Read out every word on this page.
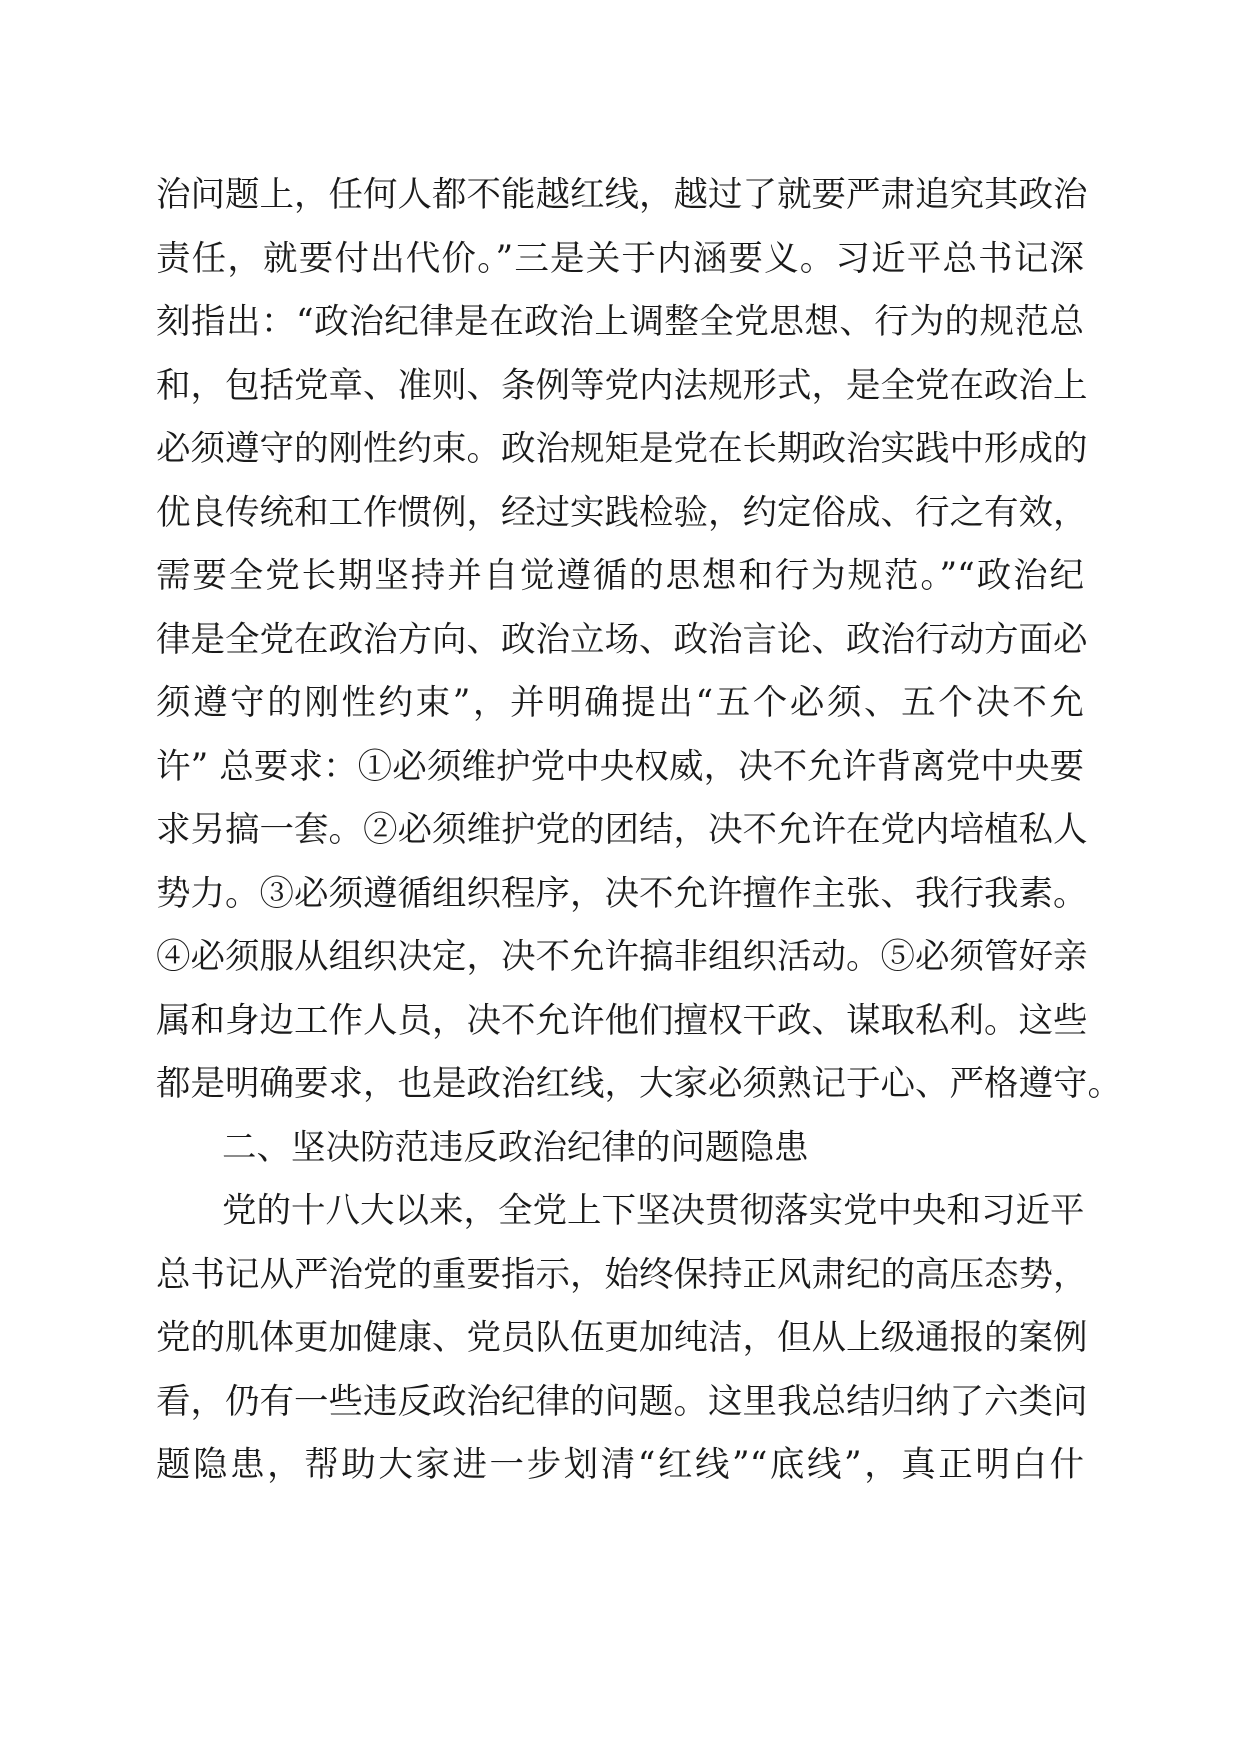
治问题上，任何人都不能越红线，越过了就要严肃追究其政治
责任，就要付出代价。”三是关于内涵要义。习近平总书记深
刻指出：“政治纪律是在政治上调整全党思想、行为的规范总
和，包括党章、准则、条例等党内法规形式，是全党在政治上
必须遵守的刚性约束。政治规矩是党在长期政治实践中形成的
优良传统和工作惯例，经过实践检验，约定俗成、行之有效，
需要全党长期坚持并自觉遵循的思想和行为规范。”“政治纪
律是全党在政治方向、政治立场、政治言论、政治行动方面必
须遵守的刚性约束”，并明确提出“五个必须、五个决不允
许” 总要求：①必须维护党中央权威，决不允许背离党中央要
求另搞一套。②必须维护党的团结，决不允许在党内培植私人
势力。③必须遵循组织程序，决不允许擅作主张、我行我素。
④必须服从组织决定，决不允许搞非组织活动。⑤必须管好亲
属和身边工作人员，决不允许他们擅权干政、谋取私利。这些
都是明确要求，也是政治红线，大家必须熟记于心、严格遵守。
二、坚决防范违反政治纪律的问题隐患
党的十八大以来，全党上下坚决贯彻落实党中央和习近平
总书记从严治党的重要指示，始终保持正风肃纪的高压态势，
党的肌体更加健康、党员队伍更加纯洁，但从上级通报的案例
看，仍有一些违反政治纪律的问题。这里我总结归纳了六类问
题隐患，帮助大家进一步划清“红线”“底线”，真正明白什
